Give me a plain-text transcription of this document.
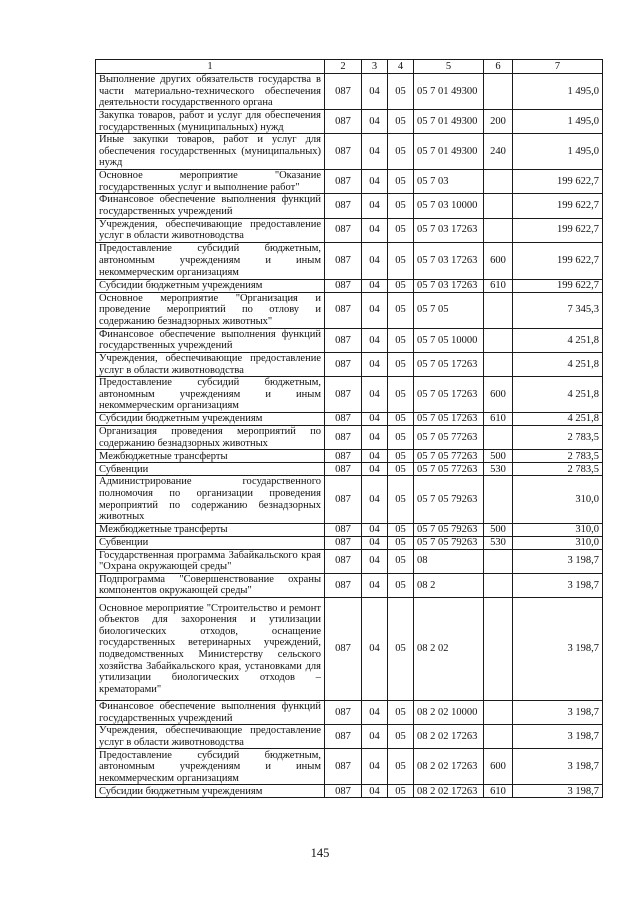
1	2	3	4	5	6	7
Выполнение других обязательств государства в части материально-технического обеспечения деятельности государственного органа	087	04	05	05 7 01 49300		1 495,0
Закупка товаров, работ и услуг для обеспечения государственных (муниципальных) нужд	087	04	05	05 7 01 49300	200	1 495,0
Иные закупки товаров, работ и услуг для обеспечения государственных (муниципальных) нужд	087	04	05	05 7 01 49300	240	1 495,0
Основное мероприятие "Оказание государственных услуг и выполнение работ"	087	04	05	05 7 03		199 622,7
Финансовое обеспечение выполнения функций государственных учреждений	087	04	05	05 7 03 10000		199 622,7
Учреждения, обеспечивающие предоставление услуг в области животноводства	087	04	05	05 7 03 17263		199 622,7
Предоставление субсидий бюджетным, автономным учреждениям и иным некоммерческим организациям	087	04	05	05 7 03 17263	600	199 622,7
Субсидии бюджетным учреждениям	087	04	05	05 7 03 17263	610	199 622,7
Основное мероприятие "Организация и проведение мероприятий по отлову и содержанию безнадзорных животных"	087	04	05	05 7 05		7 345,3
Финансовое обеспечение выполнения функций государственных учреждений	087	04	05	05 7 05 10000		4 251,8
Учреждения, обеспечивающие предоставление услуг в области животноводства	087	04	05	05 7 05 17263		4 251,8
Предоставление субсидий бюджетным, автономным учреждениям и иным некоммерческим организациям	087	04	05	05 7 05 17263	600	4 251,8
Субсидии бюджетным учреждениям	087	04	05	05 7 05 17263	610	4 251,8
Организация проведения мероприятий по содержанию безнадзорных животных	087	04	05	05 7 05 77263		2 783,5
Межбюджетные трансферты	087	04	05	05 7 05 77263	500	2 783,5
Субвенции	087	04	05	05 7 05 77263	530	2 783,5
Администрирование государственного полномочия по организации проведения мероприятий по содержанию безнадзорных животных	087	04	05	05 7 05 79263		310,0
Межбюджетные трансферты	087	04	05	05 7 05 79263	500	310,0
Субвенции	087	04	05	05 7 05 79263	530	310,0
Государственная программа Забайкальского края "Охрана окружающей среды"	087	04	05	08		3 198,7
Подпрограмма "Совершенствование охраны компонентов окружающей среды"	087	04	05	08 2		3 198,7
Основное мероприятие "Строительство и ремонт объектов для захоронения и утилизации биологических отходов, оснащение государственных ветеринарных учреждений, подведомственных Министерству сельского хозяйства Забайкальского края, установками для утилизации биологических отходов – крематорами"	087	04	05	08 2 02		3 198,7
Финансовое обеспечение выполнения функций государственных учреждений	087	04	05	08 2 02 10000		3 198,7
Учреждения, обеспечивающие предоставление услуг в области животноводства	087	04	05	08 2 02 17263		3 198,7
Предоставление субсидий бюджетным, автономным учреждениям и иным некоммерческим организациям	087	04	05	08 2 02 17263	600	3 198,7
Субсидии бюджетным учреждениям	087	04	05	08 2 02 17263	610	3 198,7
145
